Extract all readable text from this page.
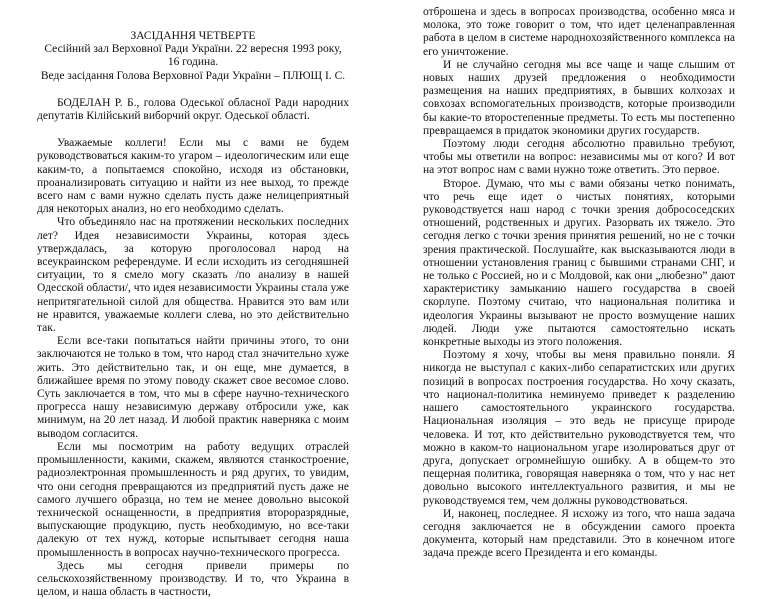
ЗАСІДАННЯ ЧЕТВЕРТЕ

Сесійний зал Верховної Ради України. 22 вересня 1993 року,

16 година.

Веде засідання Голова Верховної Ради України – ПЛЮЩ І. С.

БОДЕЛАН Р. Б., голова Одеської обласної Ради народних депутатів Кілійський виборчий округ. Одеської області.

Уважаемые коллеги! Если мы с вами не будем руководствоваться каким-то угаром – идеологическим или еще каким-то, а попытаемся спокойно, исходя из обстановки, проанализировать ситуацию и найти из нее выход, то прежде всего нам с вами нужно сделать пусть даже нелицеприятный для некоторых анализ, но его необходимо сделать.

Что объединяло нас на протяжении нескольких последних лет? Идея независимости Украины, которая здесь утверждалась, за которую проголосовал народ на всеукраинском референдуме. И если исходить из сегодняшней ситуации, то я смело могу сказать /по анализу в нашей Одесской области/, что идея независимости Украины стала уже непритягательной силой для общества. Нравится это вам или не нравится, уважаемые коллеги слева, но это действительно так.

Если все-таки попытаться найти причины этого, то они заключаются не только в том, что народ стал значительно хуже жить. Это действительно так, и он еще, мне думается, в ближайшее время по этому поводу скажет свое весомое слово. Суть заключается в том, что мы в сфере научно-технического прогресса нашу независимую державу отбросили уже, как минимум, на 20 лет назад. И любой практик наверняка с моим выводом согласится.

Если мы посмотрим на работу ведущих отраслей промышленности, какими, скажем, являются станкостроение, радиоэлектронная промышленность и ряд других, то увидим, что они сегодня превращаются из предприятий пусть даже не самого лучшего образца, но тем не менее довольно высокой технической оснащенности, в предприятия второразрядные, выпускающие продукцию, пусть необходимую, но все-таки далекую от тех нужд, которые испытывает сегодня наша промышленность в вопросах научно-технического прогресса.

Здесь мы сегодня привели примеры по сельскохозяйственному производству. И то, что Украина в целом, и наша область в частности,

отброшена и здесь в вопросах производства, особенно мяса и молока, это тоже говорит о том, что идет целенаправленная работа в целом в системе народнохозяйственного комплекса на его уничтожение.

И не случайно сегодня мы все чаще и чаще слышим от новых наших друзей предложения о необходимости размещения на наших предприятиях, в бывших колхозах и совхозах вспомогательных производств, которые производили бы какие-то второстепенные предметы. То есть мы постепенно превращаемся в придаток экономики других государств.

Поэтому люди сегодня абсолютно правильно требуют, чтобы мы ответили на вопрос: независимы мы от кого? И вот на этот вопрос нам с вами нужно тоже ответить. Это первое.

Второе. Думаю, что мы с вами обязаны четко понимать, что речь еще идет о чистых понятиях, которыми руководствуется наш народ с точки зрения добрососедских отношений, родственных и других. Разорвать их тяжело. Это сегодня легко с точки зрения принятия решений, но не с точки зрения практической. Послушайте, как высказываются люди в отношении установления границ с бывшими странами СНГ, и не только с Россией, но и с Молдовой, как они „любезно” дают характеристику замыканию нашего государства в своей скорлупе. Поэтому считаю, что национальная политика и идеология Украины вызывают не просто возмущение наших людей. Люди уже пытаются самостоятельно искать конкретные выходы из этого положения.

Поэтому я хочу, чтобы вы меня правильно поняли. Я никогда не выступал с каких-либо сепаратистских или других позиций в вопросах построения государства. Но хочу сказать, что национал-политика неминуемо приведет к разделению нашего самостоятельного украинского государства. Национальная изоляция – это ведь не присуще природе человека. И тот, кто действительно руководствуется тем, что можно в каком-то национальном угаре изолироваться друг от друга, допускает огромнейшую ошибку. А в общем-то это пещерная политика, говорящая наверняка о том, что у нас нет довольно высокого интеллектуального развития, и мы не руководствуемся тем, чем должны руководствоваться.

И, наконец, последнее. Я исхожу из того, что наша задача сегодня заключается не в обсуждении самого проекта документа, который нам представили. Это в конечном итоге задача прежде всего Президента и его команды.
